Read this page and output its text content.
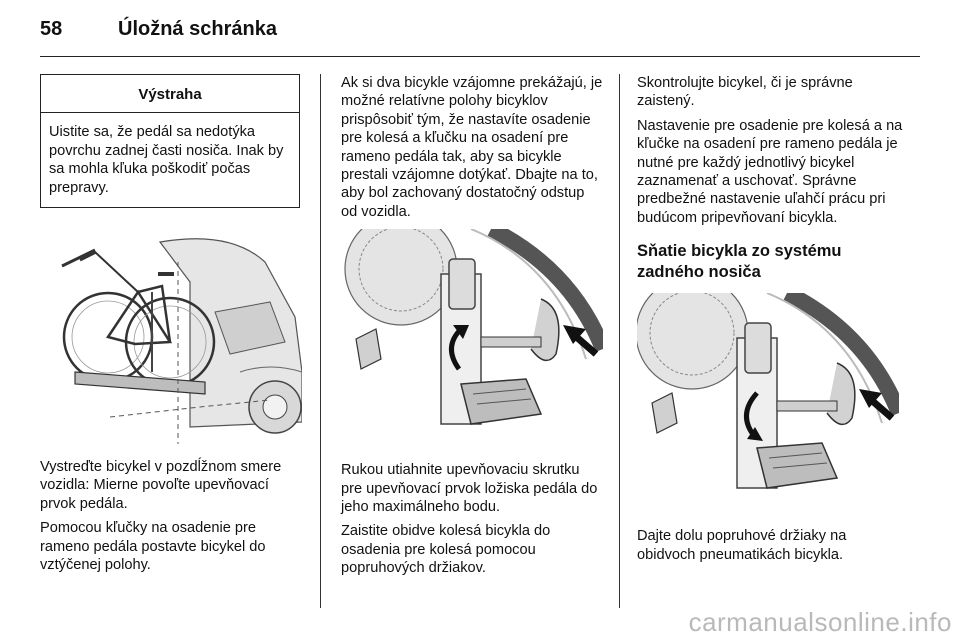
58	Úložná schránka
Výstraha
Uistite sa, že pedál sa nedotýka povrchu zadnej časti nosiča. Inak by sa mohla kľuka poškodiť počas prepravy.

Vystreďte bicykel v pozdĺžnom smere vozidla: Mierne povoľte upevňovací prvok pedála.

Pomocou kľučky na osadenie pre rameno pedála postavte bicykel do vztýčenej polohy.

Ak si dva bicykle vzájomne prekážajú, je možné relatívne polohy bicyklov prispôsobiť tým, že nastavíte osadenie pre kolesá a kľučku na osadení pre rameno pedála tak, aby sa bicykle prestali vzájomne dotýkať. Dbajte na to, aby bol zachovaný dostatočný odstup od vozidla.

Rukou utiahnite upevňovaciu skrutku pre upevňovací prvok ložiska pedála do jeho maximálneho bodu.

Zaistite obidve kolesá bicykla do osadenia pre kolesá pomocou popruhových držiakov.

Skontrolujte bicykel, či je správne zaistený.

Nastavenie pre osadenie pre kolesá a na kľučke na osadení pre rameno pedála je nutné pre každý jednotlivý bicykel zaznamenať a uschovať. Správne predbežné nastavenie uľahčí prácu pri budúcom pripevňovaní bicykla.

Sňatie bicykla zo systému zadného nosiča

Dajte dolu popruhové držiaky na obidvoch pneumatikách bicykla.

carmanualsonline.info
